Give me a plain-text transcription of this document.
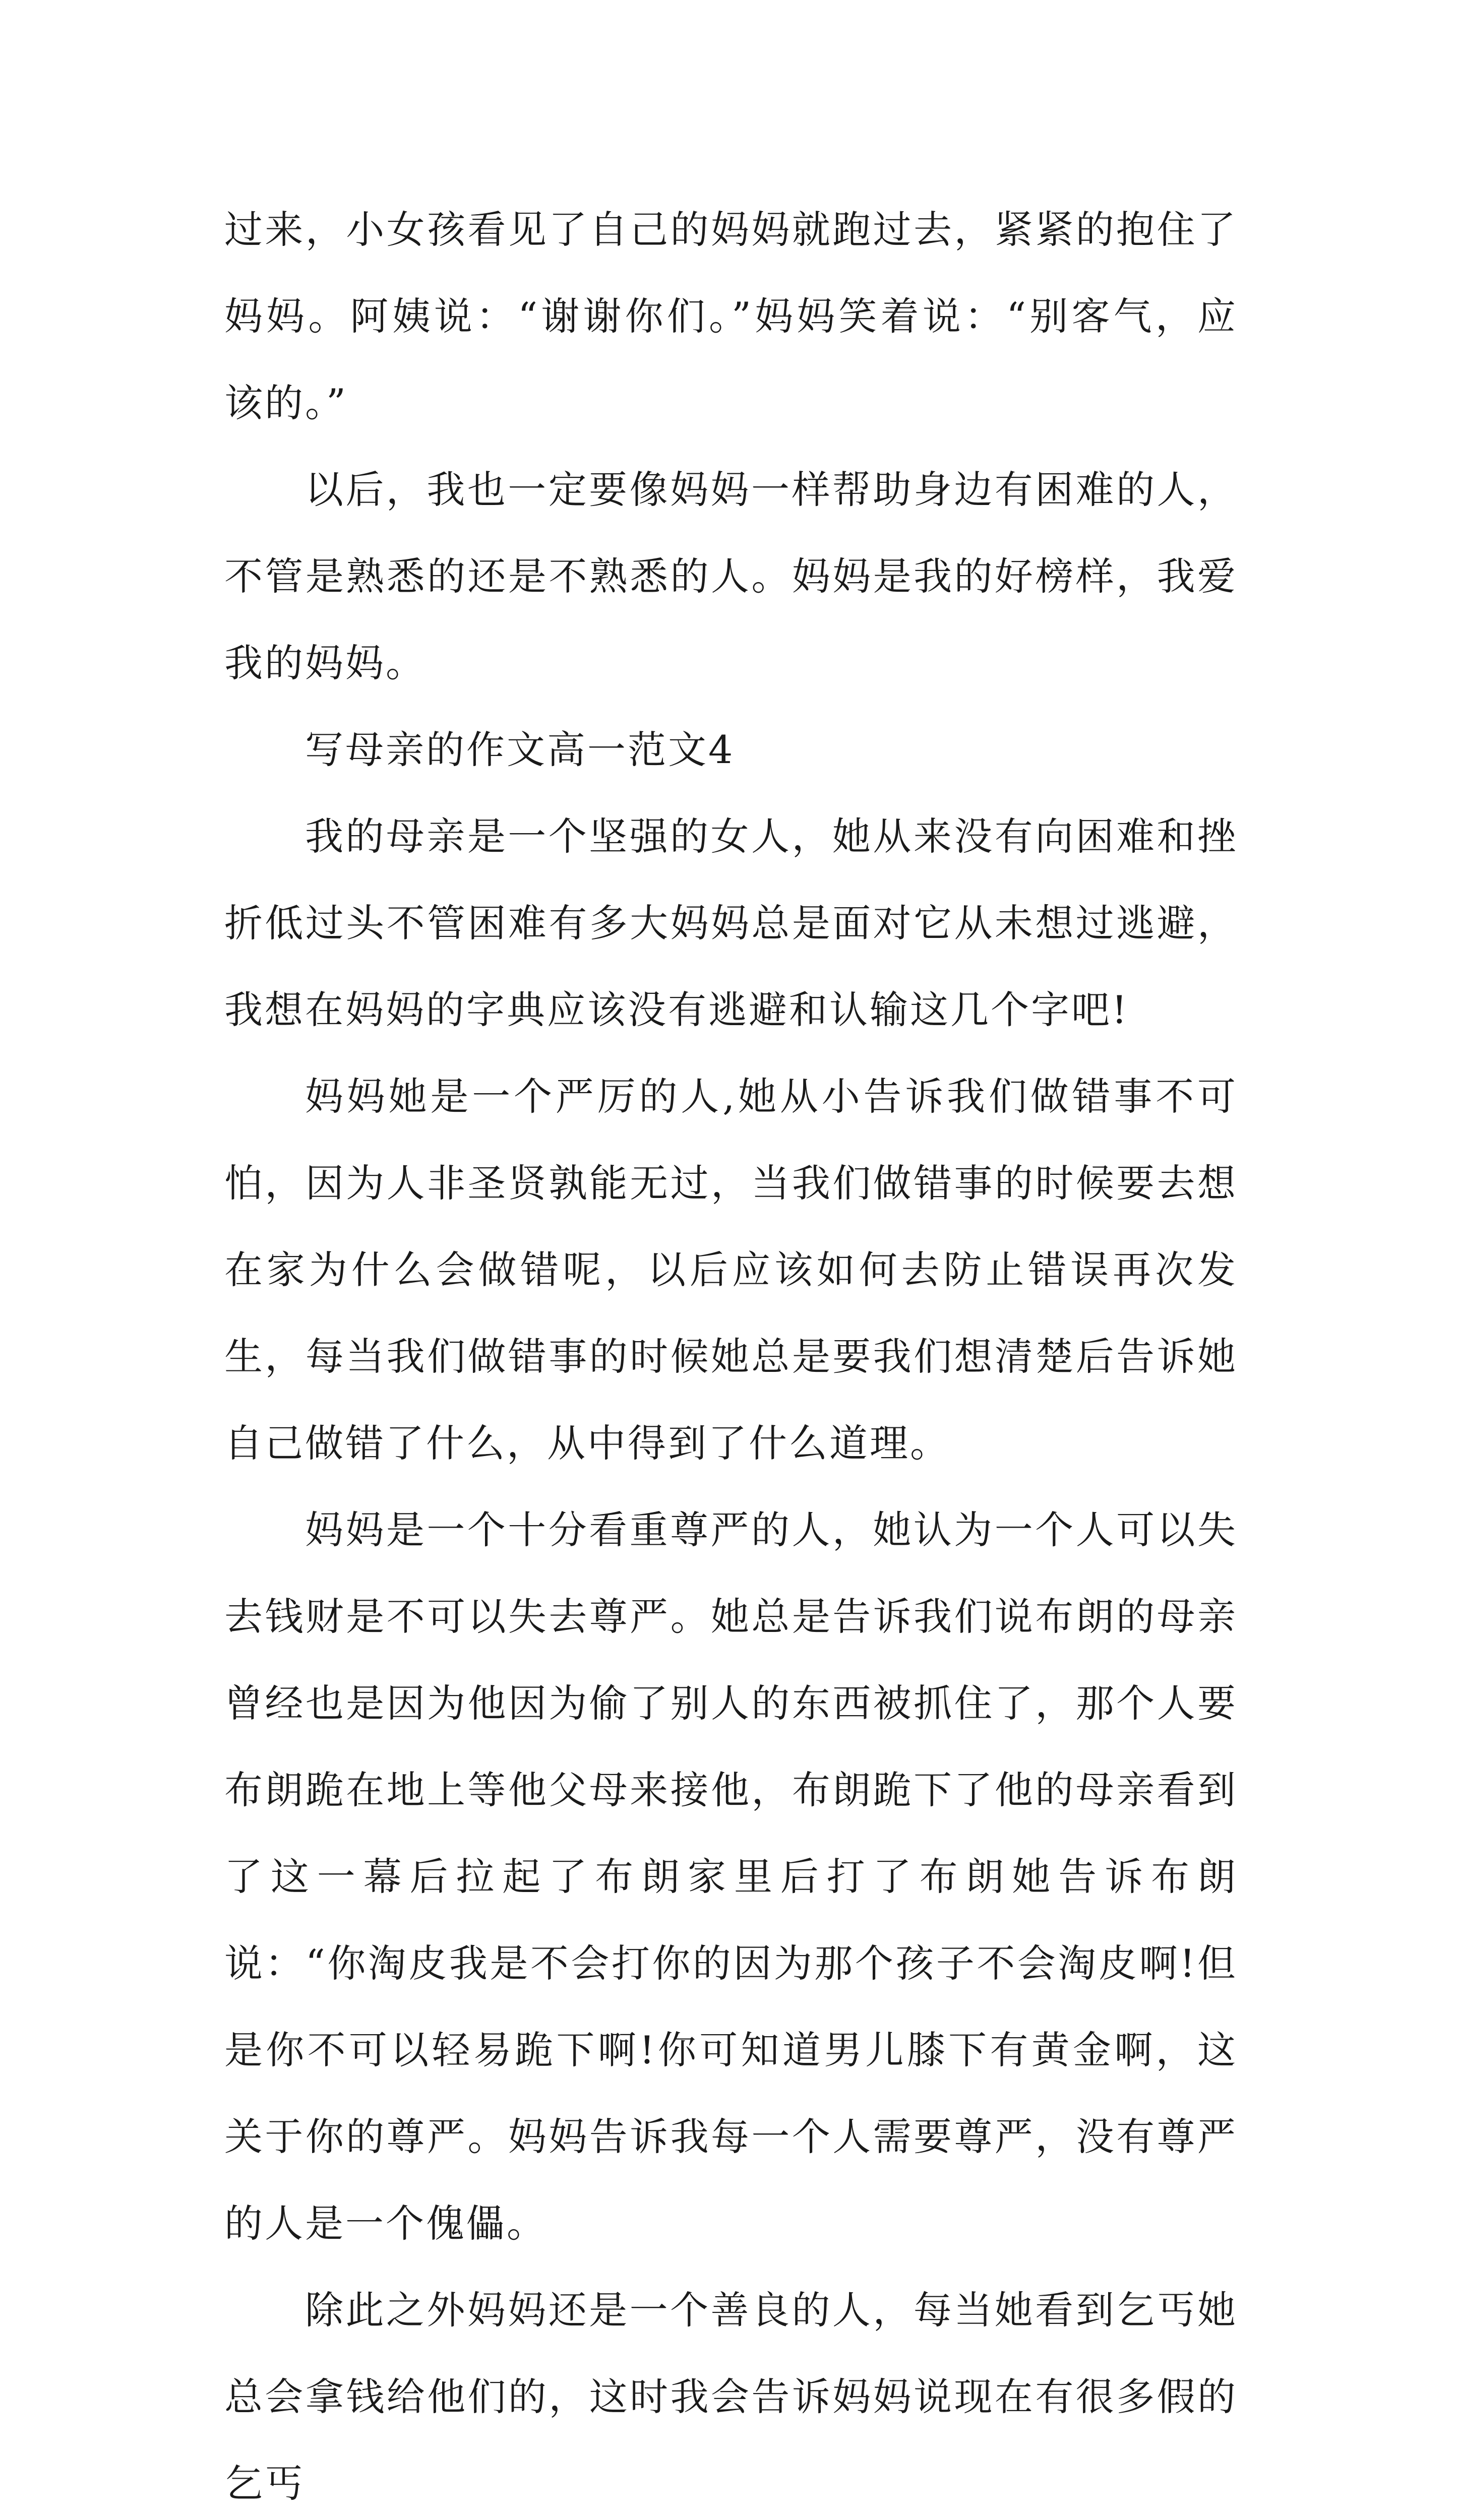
过来，小女孩看见了自己的妈妈就跑过去，紧紧的抱住了妈妈。阿姨说：“谢谢你们。”妈妈笑着说：“别客气，应该的。”

以后，我也一定要像妈妈一样帮助身边有困难的人，不管是熟悉的还是不熟悉的人。妈妈是我的好榜样，我爱我的妈妈。

写母亲的作文高一范文4

我的母亲是一个坚强的女人，她从来没有向困难和挫折低过头不管困难有多大妈妈总是面对它从未想过逃避，我想在妈妈的字典应该没有逃避和认输这几个字吧!

妈妈她是一个严厉的人,她从小告诉我们做错事不可怕，因为人非圣贤孰能无过，当我们做错事的时候要去想在家为什么会做错呢，以后应该如何去防止错误再次发生，每当我们做错事的时候她总是要我们想清楚后告诉她自己做错了什么，从中得到了什么道理。

妈妈是一个十分看重尊严的人，她认为一个人可以失去钱财是不可以失去尊严。她总是告诉我们说布朗的母亲曾经也是因为他因为偷了别人的东西被抓住了，那个人要布朗跪在地上等他父母来接他，布朗跪下了他的母亲看到了这一幕后拉起了布朗家里后打了布朗她告诉布朗说：“你淘皮我是不会打你的因为那个孩子不会淘皮啊!但是你不可以轻易跪下啊!你可知道男儿膝下有黄金啊，这关于你的尊严。妈妈告诉我每一个人需要尊严，没有尊严的人是一个傀儡。

除此之外妈妈还是一个善良的人，每当她看到乞丐她总会拿钱给他们的，这时我会告诉妈妈说现在有很多假的乞丐
